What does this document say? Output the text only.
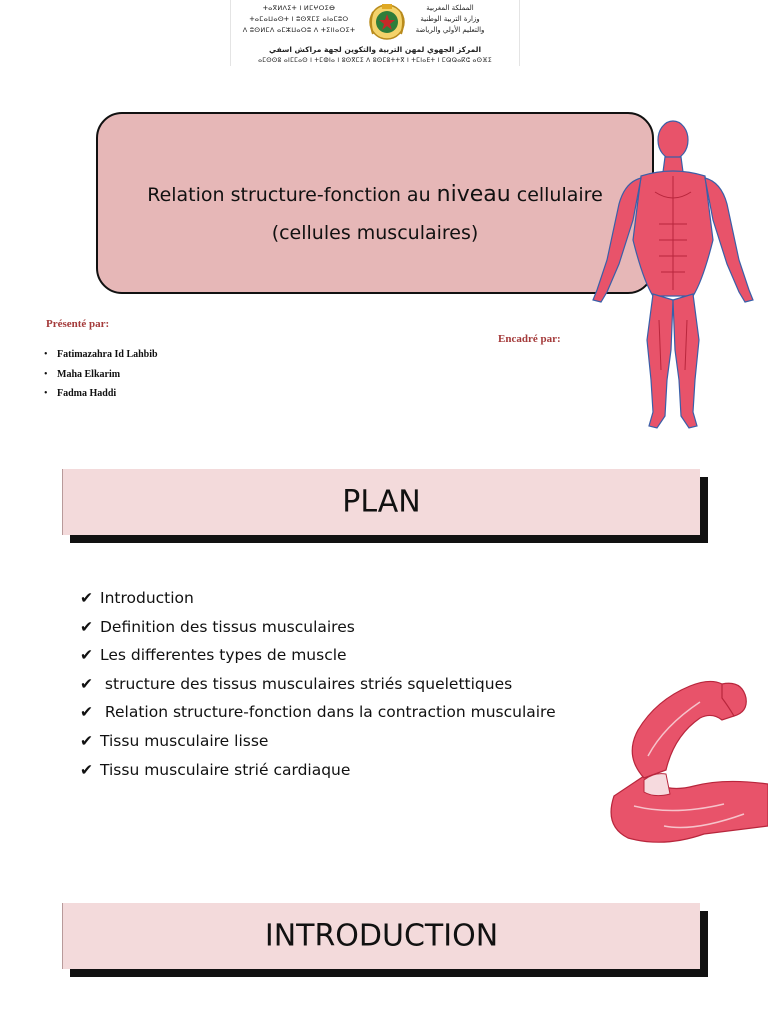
ⵜⴰⴳⵍⴷⵉⵜ ⵏ ⵍⵎⵖⵔⵉⴱ
ⵜⴰⵎⴰⵡⴰⵙⵜ ⵏ ⵓⵙⴳⵎⵉ ⴰⵏⴰⵎⵓⵔ
ⴷ ⵓⵙⵍⵎⴷ ⴰⵎⵣⵡⴰⵔⵓ ⴷ ⵜⵉⵏⵏⴰⵔⵉⵜ
المملكة المغربية
وزارة التربية الوطنية
والتعليم الأولي والرياضة
المركز الجهوي لمهن التربية والتكوين لجهة مراكش اسفي
ⴰⵎⵙⵙⵓ ⴰⵏⵎⵎⴰⵙ ⵏ ⵜⵎⵀⵏⴰ ⵏ ⵓⵙⴳⵎⵉ ⴷ ⵓⵙⵎⵓⵜⵜⴳ ⵏ ⵜⵎⵏⴰⴹⵜ ⵏ ⵎⵕⵕⴰⴽⵛ ⴰⵙⴼⵉ
Relation structure-fonction au niveau cellulaire
(cellules musculaires)
Présenté par:
• Fatimazahra Id Lahbib
• Maha Elkarim
• Fadma Haddi
Encadré par:
PLAN
✔ Introduction
✔ Definition des tissus musculaires
✔ Les differentes types de muscle
✔ structure des tissus musculaires striés squelettiques
✔ Relation structure-fonction dans la contraction musculaire
✔ Tissu musculaire lisse
✔ Tissu musculaire strié cardiaque
INTRODUCTION
